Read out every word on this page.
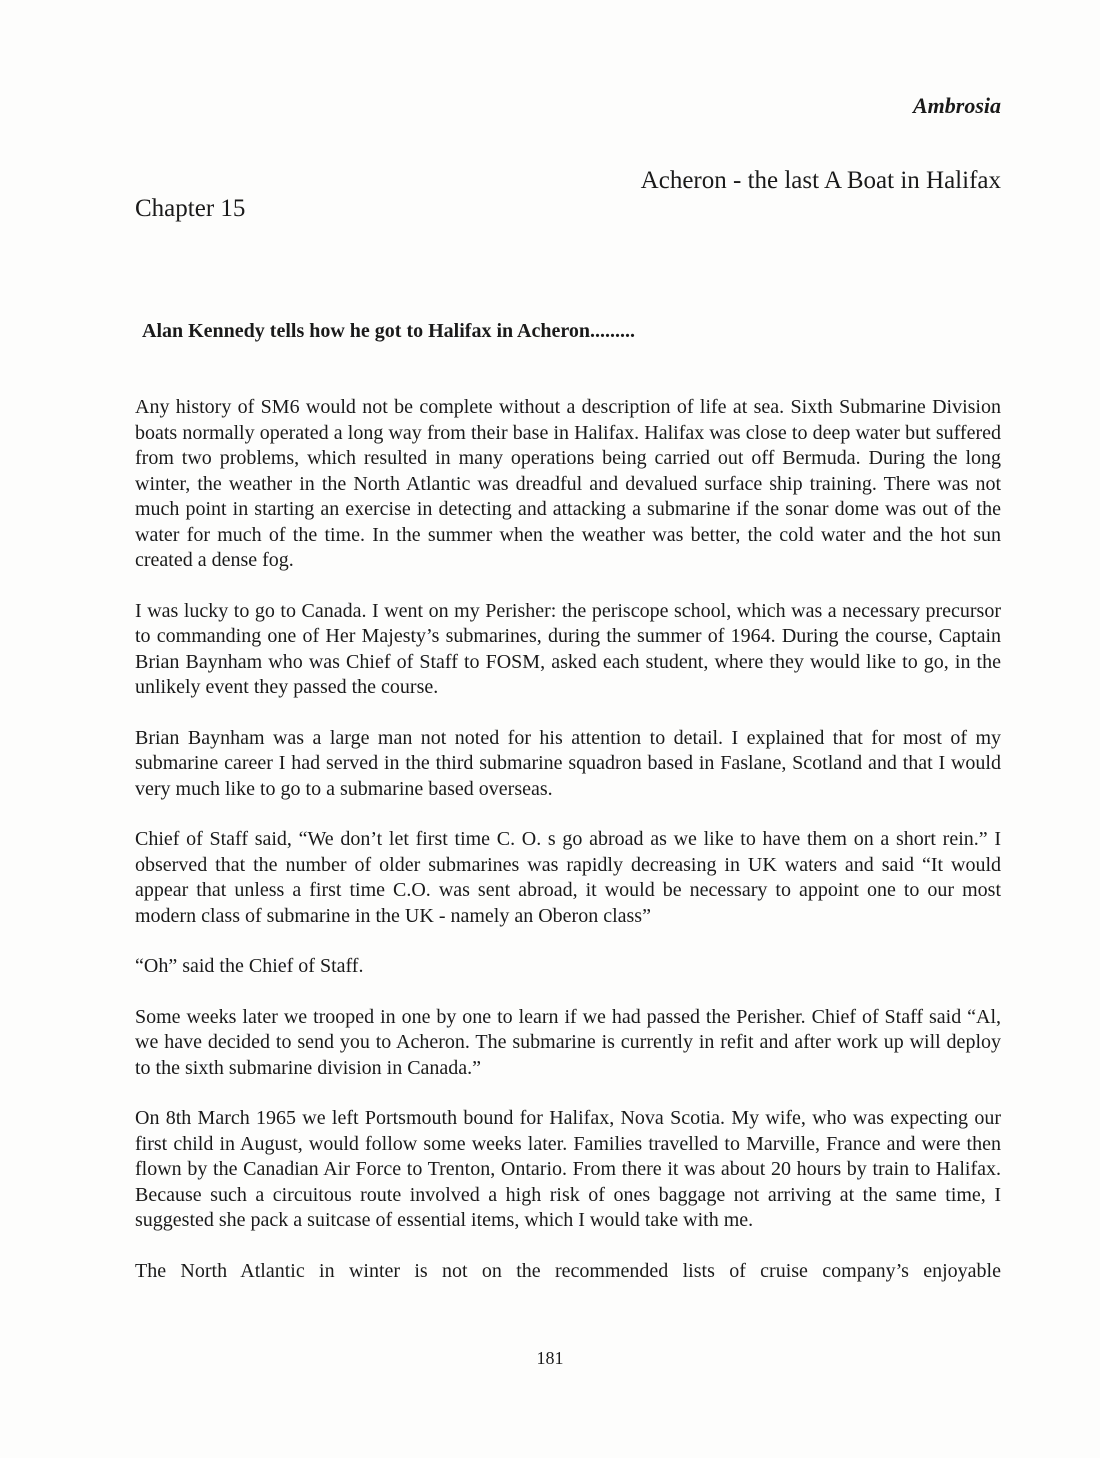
Ambrosia
Acheron - the last A Boat in Halifax
Chapter 15
Alan Kennedy tells how he got to Halifax in Acheron.........

Any history of SM6 would not be complete without a description of life at sea. Sixth Submarine Division boats normally operated a long way from their base in Halifax. Halifax was close to deep water but suffered from two problems, which resulted in many operations being carried out off Bermuda. During the long winter, the weather in the North Atlantic was dreadful and devalued surface ship training. There was not much point in starting an exercise in detecting and attacking a submarine if the sonar dome was out of the water for much of the time. In the summer when the weather was better, the cold water and the hot sun created a dense fog.

I was lucky to go to Canada. I went on my Perisher: the periscope school, which was a necessary precursor to commanding one of Her Majesty’s submarines, during the summer of 1964. During the course, Captain Brian Baynham who was Chief of Staff to FOSM, asked each student, where they would like to go, in the unlikely event they passed the course.

Brian Baynham was a large man not noted for his attention to detail. I explained that for most of my submarine career I had served in the third submarine squadron based in Faslane, Scotland and that I would very much like to go to a submarine based overseas.

Chief of Staff said, “We don’t let first time C. O. s go abroad as we like to have them on a short rein.” I observed that the number of older submarines was rapidly decreasing in UK waters and said “It would appear that unless a first time C.O. was sent abroad, it would be necessary to appoint one to our most modern class of submarine in the UK - namely an Oberon class”

“Oh” said the Chief of Staff.

Some weeks later we trooped in one by one to learn if we had passed the Perisher. Chief of Staff said “Al, we have decided to send you to Acheron. The submarine is currently in refit and after work up will deploy to the sixth submarine division in Canada.”

On 8th March 1965 we left Portsmouth bound for Halifax, Nova Scotia. My wife, who was expecting our first child in August, would follow some weeks later. Families travelled to Marville, France and were then flown by the Canadian Air Force to Trenton, Ontario. From there it was about 20 hours by train to Halifax. Because such a circuitous route involved a high risk of ones baggage not arriving at the same time, I suggested she pack a suitcase of essential items, which I would take with me.

The North Atlantic in winter is not on the recommended lists of cruise company’s enjoyable

181
